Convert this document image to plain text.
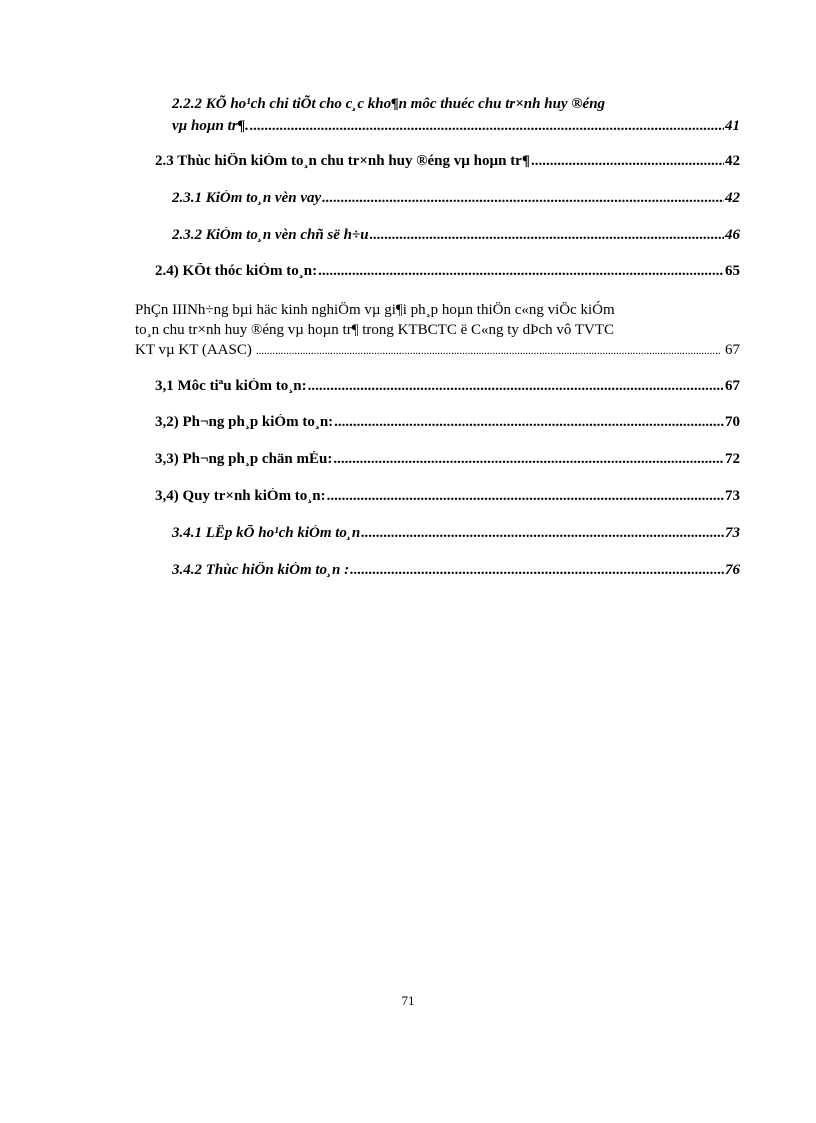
2.2.2 KÕ ho¹ch chi tiÕt cho c¸c kho¶n môc thuéc chu tr×nh huy ®éng
vµ hoµn tr¶. .....	41
2.3 Thùc hiÖn kiÓm to¸n chu tr×nh huy ®éng vµ hoµn tr¶ .....	42
2.3.1 KiÓm to¸n vèn vay .....	42
2.3.2 KiÓm to¸n vèn chñ së h÷u .....	46
2.4) KÕt thóc kiÓm to¸n: .....	65
PhÇn IIINh÷ng bµi häc kinh nghiÖm vµ gi¶i ph¸p hoµn thiÖn c«ng viÖc kiÓm
to¸n chu tr×nh huy ®éng vµ hoµn tr¶ trong KTBCTC ë C«ng ty dÞch vô TVTC
KT vµ KT (AASC) .....	67
3,1 Môc tiªu kiÓm to¸n: .....	67
3,2) Ph¬ng ph¸p kiÓm to¸n: .....	70
3,3) Ph¬ng ph¸p chän mÉu: .....	72
3,4) Quy tr×nh kiÓm to¸n: .....	73
3.4.1 LËp kÕ ho¹ch kiÓm to¸n .....	73
3.4.2 Thùc hiÖn kiÓm to¸n : .....	76
71
